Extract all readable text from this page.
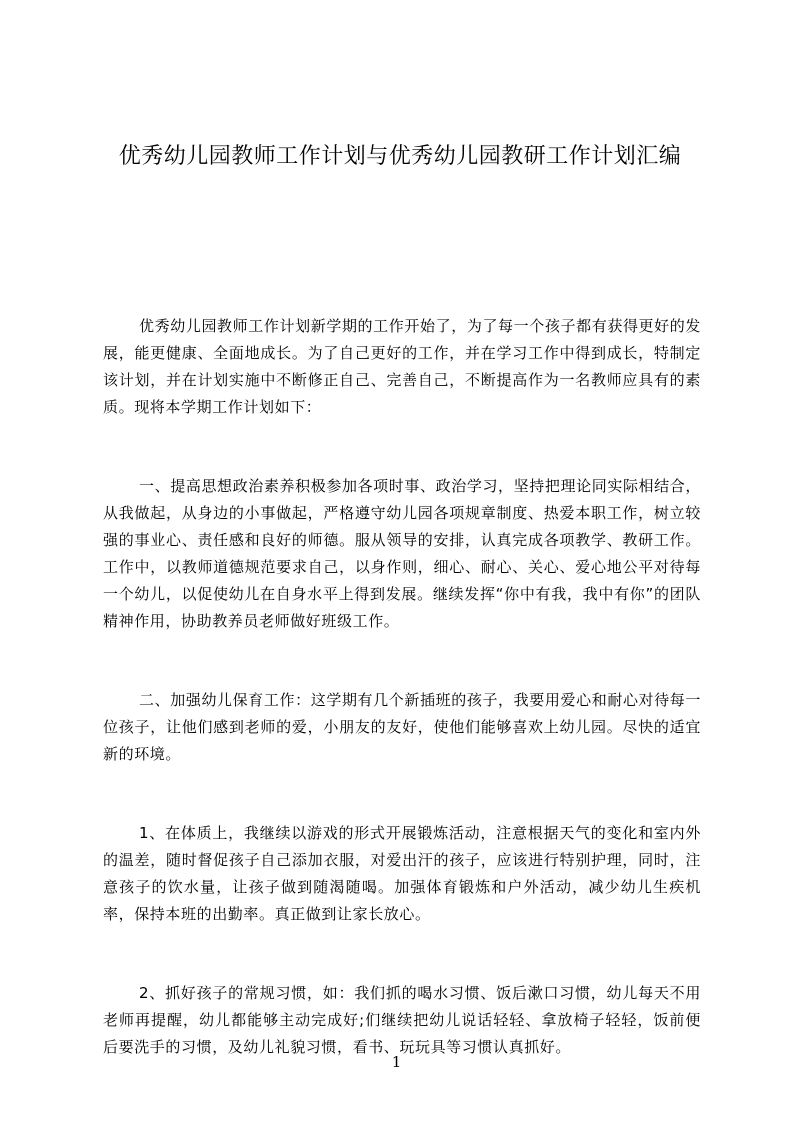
优秀幼儿园教师工作计划与优秀幼儿园教研工作计划汇编

优秀幼儿园教师工作计划新学期的工作开始了，为了每一个孩子都有获得更好的发展，能更健康、全面地成长。为了自己更好的工作，并在学习工作中得到成长，特制定该计划，并在计划实施中不断修正自己、完善自己，不断提高作为一名教师应具有的素质。现将本学期工作计划如下：

一、提高思想政治素养积极参加各项时事、政治学习，坚持把理论同实际相结合，从我做起，从身边的小事做起，严格遵守幼儿园各项规章制度、热爱本职工作，树立较强的事业心、责任感和良好的师德。服从领导的安排，认真完成各项教学、教研工作。工作中，以教师道德规范要求自己，以身作则，细心、耐心、关心、爱心地公平对待每一个幼儿，以促使幼儿在自身水平上得到发展。继续发挥“你中有我，我中有你”的团队精神作用，协助教养员老师做好班级工作。

二、加强幼儿保育工作：这学期有几个新插班的孩子，我要用爱心和耐心对待每一位孩子，让他们感到老师的爱，小朋友的友好，使他们能够喜欢上幼儿园。尽快的适宜新的环境。

1、在体质上，我继续以游戏的形式开展锻炼活动，注意根据天气的变化和室内外的温差，随时督促孩子自己添加衣服，对爱出汗的孩子，应该进行特别护理，同时，注意孩子的饮水量，让孩子做到随渴随喝。加强体育锻炼和户外活动，减少幼儿生疾机率，保持本班的出勤率。真正做到让家长放心。

2、抓好孩子的常规习惯，如：我们抓的喝水习惯、饭后漱口习惯，幼儿每天不用老师再提醒，幼儿都能够主动完成好;们继续把幼儿说话轻轻、拿放椅子轻轻，饭前便后要洗手的习惯，及幼儿礼貌习惯，看书、玩玩具等习惯认真抓好。

1
